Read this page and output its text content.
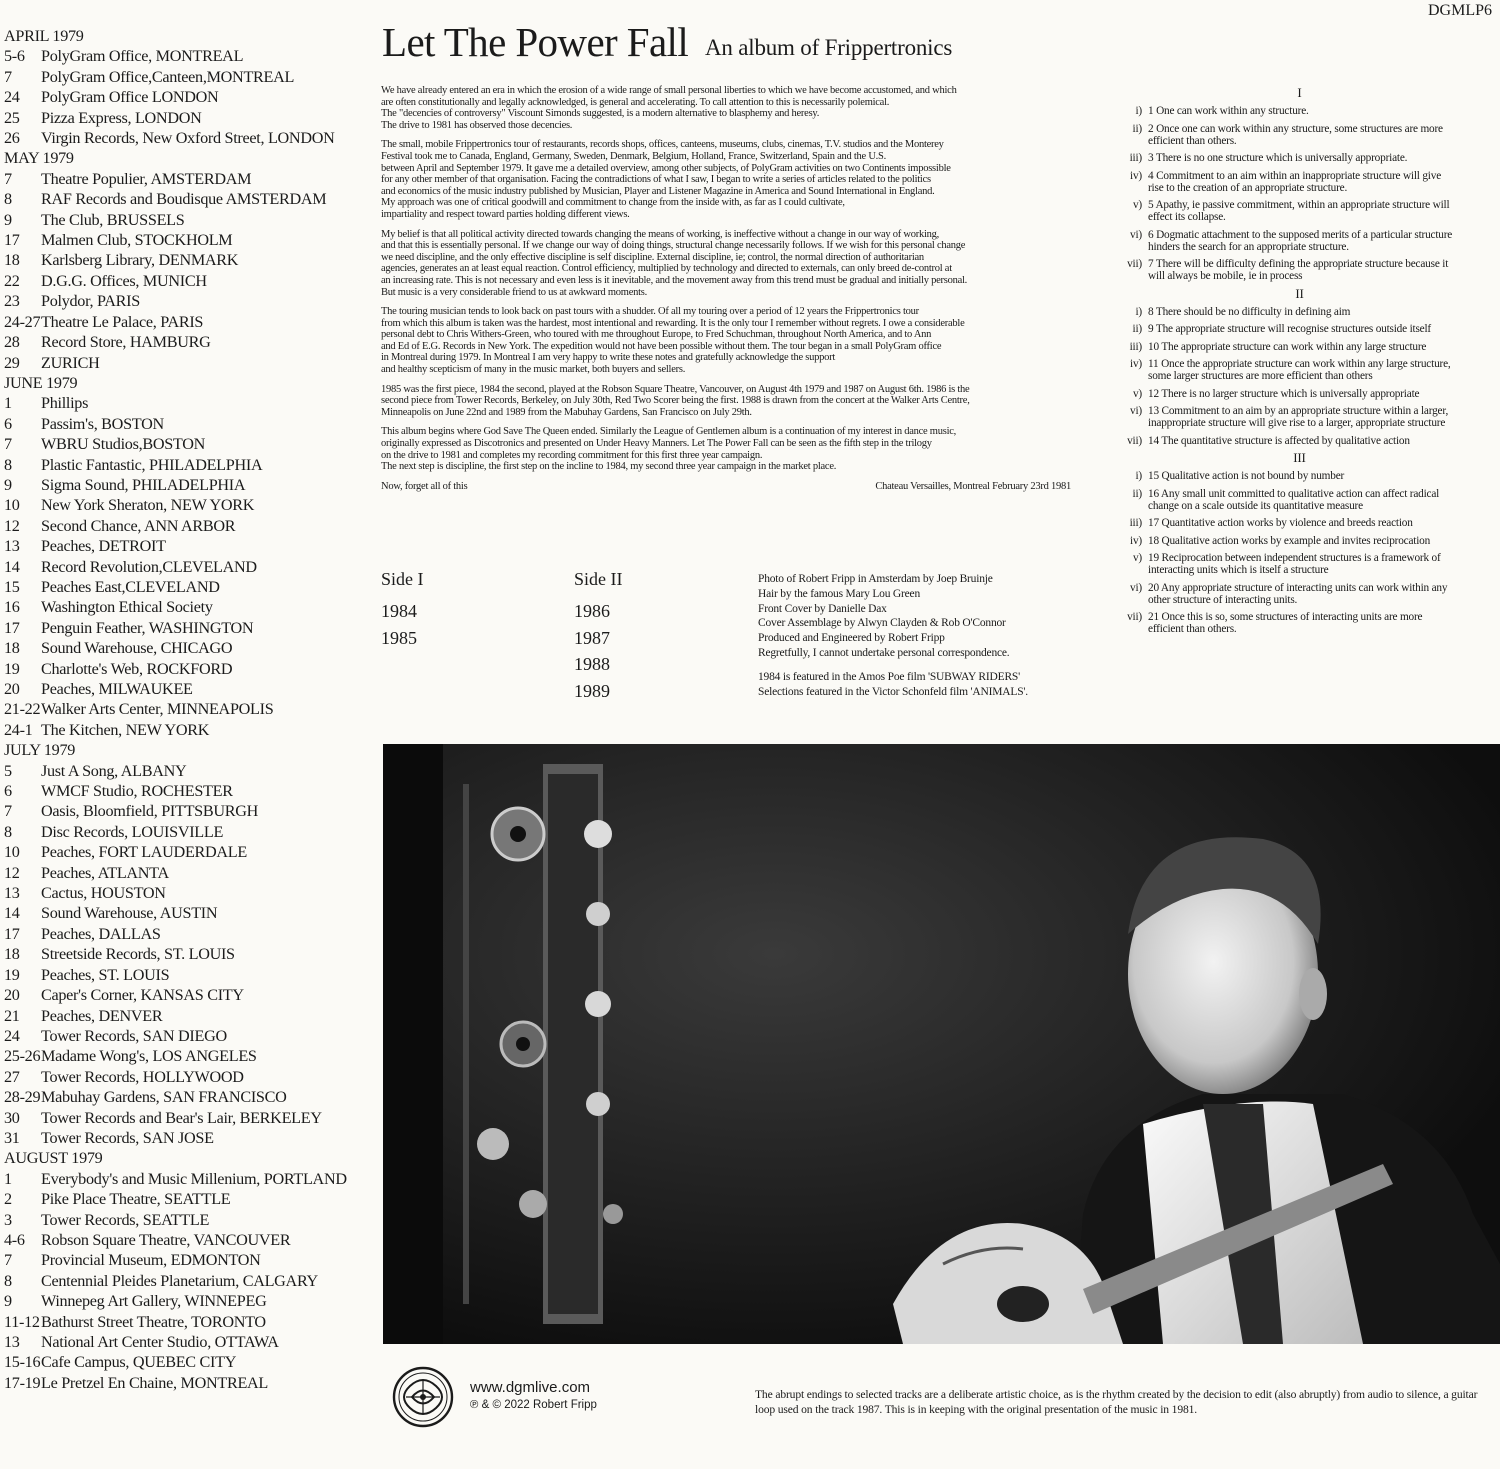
Let The Power Fall An album of Frippertronics
DGMLP6
APRIL 1979
5-6	PolyGram Office, MONTREAL
7	PolyGram Office,Canteen,MONTREAL
24	PolyGram Office LONDON
25	Pizza Express, LONDON
26	Virgin Records, New Oxford Street, LONDON
MAY 1979
7	Theatre Populier, AMSTERDAM
8	RAF Records and Boudisque AMSTERDAM
9	The Club, BRUSSELS
17	Malmen Club, STOCKHOLM
18	Karlsberg Library, DENMARK
22	D.G.G. Offices, MUNICH
23	Polydor, PARIS
24-27 Theatre Le Palace, PARIS
28	Record Store, HAMBURG
29	ZURICH
JUNE 1979
1	Phillips
6	Passim's, BOSTON
7	WBRU Studios,BOSTON
8	Plastic Fantastic, PHILADELPHIA
9	Sigma Sound, PHILADELPHIA
10	New York Sheraton, NEW YORK
12	Second Chance, ANN ARBOR
13	Peaches, DETROIT
14	Record Revolution,CLEVELAND
15	Peaches East,CLEVELAND
16	Washington Ethical Society
17	Penguin Feather, WASHINGTON
18	Sound Warehouse, CHICAGO
19	Charlotte's Web, ROCKFORD
20	Peaches, MILWAUKEE
21-22 Walker Arts Center, MINNEAPOLIS
24-1 The Kitchen, NEW YORK
JULY 1979
5	Just A Song, ALBANY
6	WMCF Studio, ROCHESTER
7	Oasis, Bloomfield, PITTSBURGH
8	Disc Records, LOUISVILLE
10	Peaches, FORT LAUDERDALE
12	Peaches, ATLANTA
13	Cactus, HOUSTON
14	Sound Warehouse, AUSTIN
17	Peaches, DALLAS
18	Streetside Records, ST. LOUIS
19	Peaches, ST. LOUIS
20	Caper's Corner, KANSAS CITY
21	Peaches, DENVER
24	Tower Records, SAN DIEGO
25-26 Madame Wong's, LOS ANGELES
27	Tower Records, HOLLYWOOD
28-29 Mabuhay Gardens, SAN FRANCISCO
30	Tower Records and Bear's Lair, BERKELEY
31	Tower Records, SAN JOSE
AUGUST 1979
1	Everybody's and Music Millenium, PORTLAND
2	Pike Place Theatre, SEATTLE
3	Tower Records, SEATTLE
4-6	Robson Square Theatre, VANCOUVER
7	Provincial Museum, EDMONTON
8	Centennial Pleides Planetarium, CALGARY
9	Winnepeg Art Gallery, WINNEPEG
11-12 Bathurst Street Theatre, TORONTO
13	National Art Center Studio, OTTAWA
15-16 Cafe Campus, QUEBEC CITY
17-19 Le Pretzel En Chaine, MONTREAL

We have already entered an era in which the erosion of a wide range of small personal liberties to which we have become accustomed, and which
are often constitutionally and legally acknowledged, is general and accelerating. To call attention to this is necessarily polemical.
The "decencies of controversy" Viscount Simonds suggested, is a modern alternative to blasphemy and heresy.
The drive to 1981 has observed those decencies.

The small, mobile Frippertronics tour of restaurants, records shops, offices, canteens, museums, clubs, cinemas, T.V. studios and the Monterey
Festival took me to Canada, England, Germany, Sweden, Denmark, Belgium, Holland, France, Switzerland, Spain and the U.S.
between April and September 1979. It gave me a detailed overview, among other subjects, of PolyGram activities on two Continents impossible
for any other member of that organisation. Facing the contradictions of what I saw, I began to write a series of articles related to the politics
and economics of the music industry published by Musician, Player and Listener Magazine in America and Sound International in England.
My approach was one of critical goodwill and commitment to change from the inside with, as far as I could cultivate,
impartiality and respect toward parties holding different views.

My belief is that all political activity directed towards changing the means of working, is ineffective without a change in our way of working,
and that this is essentially personal. If we change our way of doing things, structural change necessarily follows. If we wish for this personal change
we need discipline, and the only effective discipline is self discipline. External discipline, ie; control, the normal direction of authoritarian
agencies, generates an at least equal reaction. Control efficiency, multiplied by technology and directed to externals, can only breed de-control at
an increasing rate. This is not necessary and even less is it inevitable, and the movement away from this trend must be gradual and initially personal.
But music is a very considerable friend to us at awkward moments.

The touring musician tends to look back on past tours with a shudder. Of all my touring over a period of 12 years the Frippertronics tour
from which this album is taken was the hardest, most intentional and rewarding. It is the only tour I remember without regrets. I owe a considerable
personal debt to Chris Withers-Green, who toured with me throughout Europe, to Fred Schuchman, throughout North America, and to Ann
and Ed of E.G. Records in New York. The expedition would not have been possible without them. The tour began in a small PolyGram office
in Montreal during 1979. In Montreal I am very happy to write these notes and gratefully acknowledge the support
and healthy scepticism of many in the music market, both buyers and sellers.

1985 was the first piece, 1984 the second, played at the Robson Square Theatre, Vancouver, on August 4th 1979 and 1987 on August 6th. 1986 is the
second piece from Tower Records, Berkeley, on July 30th, Red Two Scorer being the first. 1988 is drawn from the concert at the Walker Arts Centre,
Minneapolis on June 22nd and 1989 from the Mabuhay Gardens, San Francisco on July 29th.

This album begins where God Save The Queen ended. Similarly the League of Gentlemen album is a continuation of my interest in dance music,
originally expressed as Discotronics and presented on Under Heavy Manners. Let The Power Fall can be seen as the fifth step in the trilogy
on the drive to 1981 and completes my recording commitment for this first three year campaign.
The next step is discipline, the first step on the incline to 1984, my second three year campaign in the market place.

Now, forget all of this	Chateau Versailles, Montreal February 23rd 1981
Side I
1984
1985
Side II
1986
1987
1988
1989
Photo of Robert Fripp in Amsterdam by Joep Bruinje
Hair by the famous Mary Lou Green
Front Cover by Danielle Dax
Cover Assemblage by Alwyn Clayden & Rob O'Connor
Produced and Engineered by Robert Fripp
Regretfully, I cannot undertake personal correspondence.
1984 is featured in the Amos Poe film 'SUBWAY RIDERS'
Selections featured in the Victor Schonfeld film 'ANIMALS'.
I
i) 1 One can work within any structure.
ii) 2 Once one can work within any structure, some structures are more efficient than others.
iii) 3 There is no one structure which is universally appropriate.
iv) 4 Commitment to an aim within an inappropriate structure will give rise to the creation of an appropriate structure.
v) 5 Apathy, ie passive commitment, within an appropriate structure will effect its collapse.
vi) 6 Dogmatic attachment to the supposed merits of a particular structure hinders the search for an appropriate structure.
vii) 7 There will be difficulty defining the appropriate structure because it will always be mobile, ie in process
II
i) 8 There should be no difficulty in defining aim
ii) 9 The appropriate structure will recognise structures outside itself
iii) 10 The appropriate structure can work within any large structure
iv) 11 Once the appropriate structure can work within any large structure, some larger structures are more efficient than others
v) 12 There is no larger structure which is universally appropriate
vi) 13 Commitment to an aim by an appropriate structure within a larger, inappropriate structure will give rise to a larger, appropriate structure
vii) 14 The quantitative structure is affected by qualitative action
III
i) 15 Qualitative action is not bound by number
ii) 16 Any small unit committed to qualitative action can affect radical change on a scale outside its quantitative measure
iii) 17 Quantitative action works by violence and breeds reaction
iv) 18 Qualitative action works by example and invites reciprocation
v) 19 Reciprocation between independent structures is a framework of interacting units which is itself a structure
vi) 20 Any appropriate structure of interacting units can work within any other structure of interacting units.
vii) 21 Once this is so, some structures of interacting units are more efficient than others.
www.dgmlive.com
℗ & © 2022 Robert Fripp
The abrupt endings to selected tracks are a deliberate artistic choice, as is the rhythm created by the decision to edit (also abruptly) from audio to silence, a guitar loop used on the track 1987. This is in keeping with the original presentation of the music in 1981.
